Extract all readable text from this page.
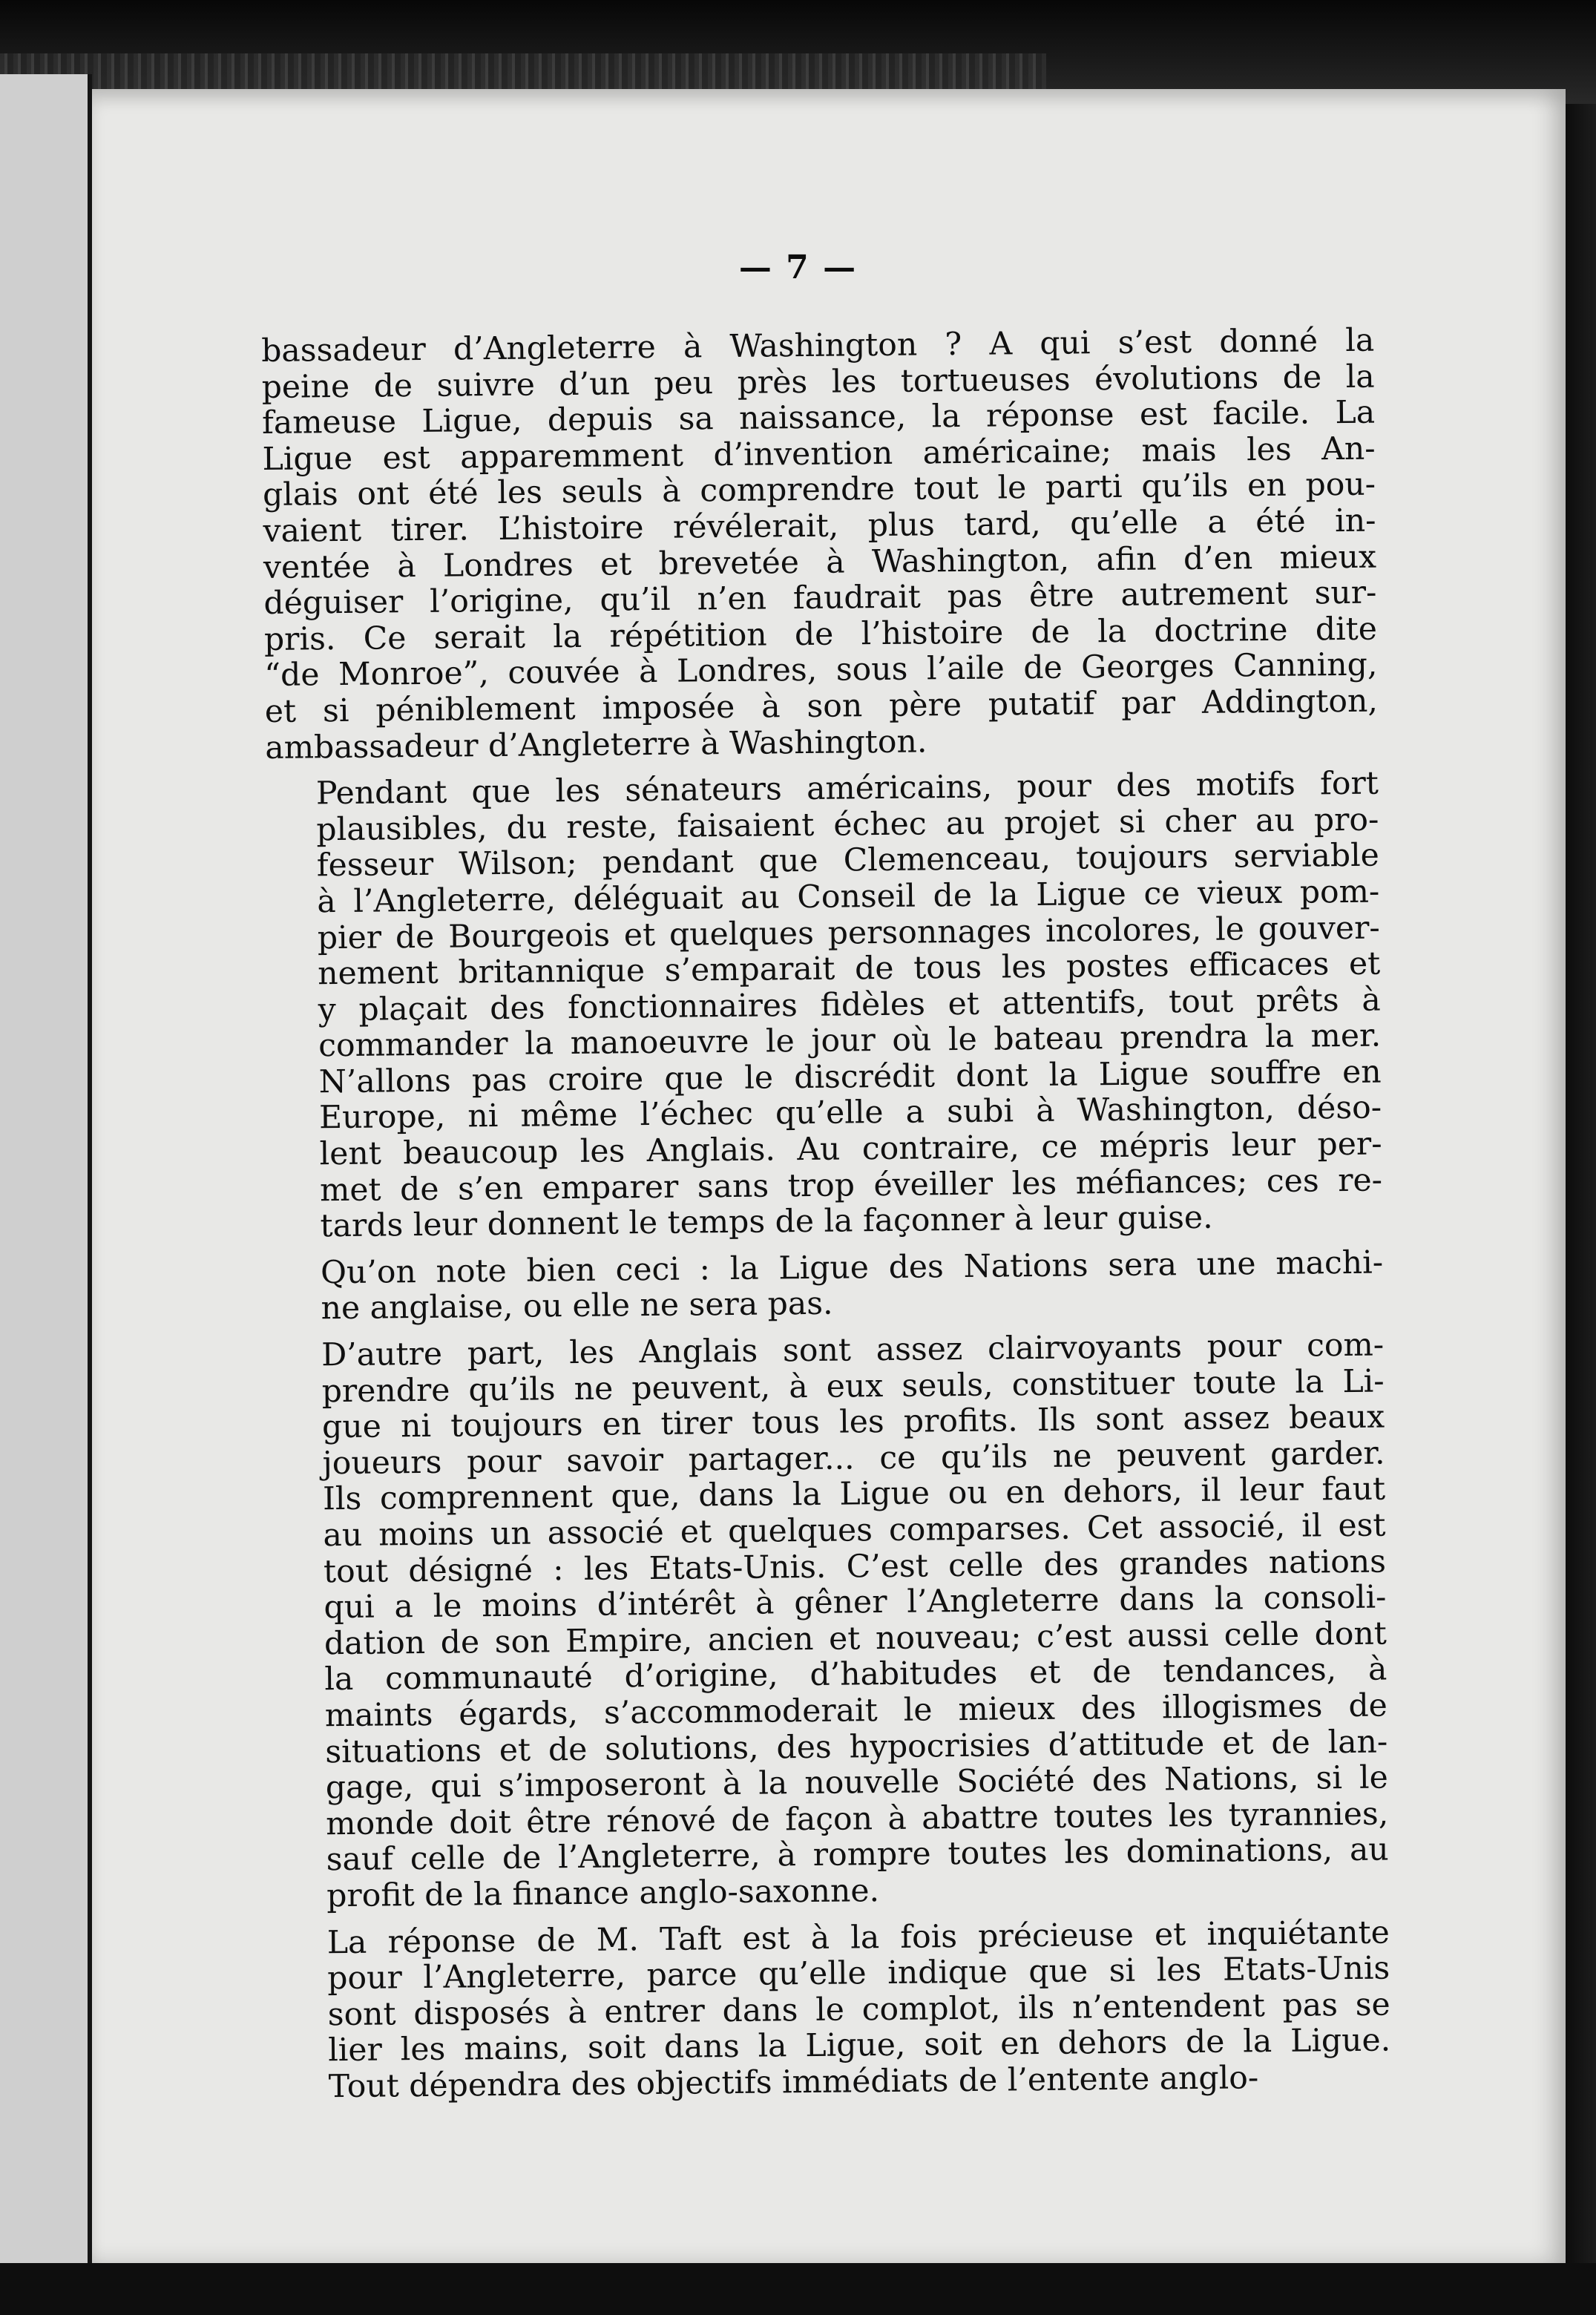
— 7 —
bassadeur d’Angleterre à Washington ? A qui s’est donné la
peine de suivre d’un peu près les tortueuses évolutions de la
fameuse Ligue, depuis sa naissance, la réponse est facile. La
Ligue est apparemment d’invention américaine; mais les An-
glais ont été les seuls à comprendre tout le parti qu’ils en pou-
vaient tirer. L’histoire révélerait, plus tard, qu’elle a été in-
ventée à Londres et brevetée à Washington, afin d’en mieux
déguiser l’origine, qu’il n’en faudrait pas être autrement sur-
pris. Ce serait la répétition de l’histoire de la doctrine dite
“de Monroe”, couvée à Londres, sous l’aile de Georges Canning,
et si péniblement imposée à son père putatif par Addington,
ambassadeur d’Angleterre à Washington.
Pendant que les sénateurs américains, pour des motifs fort
plausibles, du reste, faisaient échec au projet si cher au pro-
fesseur Wilson; pendant que Clemenceau, toujours serviable
à l’Angleterre, déléguait au Conseil de la Ligue ce vieux pom-
pier de Bourgeois et quelques personnages incolores, le gouver-
nement britannique s’emparait de tous les postes efficaces et
y plaçait des fonctionnaires fidèles et attentifs, tout prêts à
commander la manoeuvre le jour où le bateau prendra la mer.
N’allons pas croire que le discrédit dont la Ligue souffre en
Europe, ni même l’échec qu’elle a subi à Washington, déso-
lent beaucoup les Anglais. Au contraire, ce mépris leur per-
met de s’en emparer sans trop éveiller les méfiances; ces re-
tards leur donnent le temps de la façonner à leur guise.
Qu’on note bien ceci : la Ligue des Nations sera une machi-
ne anglaise, ou elle ne sera pas.
D’autre part, les Anglais sont assez clairvoyants pour com-
prendre qu’ils ne peuvent, à eux seuls, constituer toute la Li-
gue ni toujours en tirer tous les profits. Ils sont assez beaux
joueurs pour savoir partager... ce qu’ils ne peuvent garder.
Ils comprennent que, dans la Ligue ou en dehors, il leur faut
au moins un associé et quelques comparses. Cet associé, il est
tout désigné : les Etats-Unis. C’est celle des grandes nations
qui a le moins d’intérêt à gêner l’Angleterre dans la consoli-
dation de son Empire, ancien et nouveau; c’est aussi celle dont
la communauté d’origine, d’habitudes et de tendances, à
maints égards, s’accommoderait le mieux des illogismes de
situations et de solutions, des hypocrisies d’attitude et de lan-
gage, qui s’imposeront à la nouvelle Société des Nations, si le
monde doit être rénové de façon à abattre toutes les tyrannies,
sauf celle de l’Angleterre, à rompre toutes les dominations, au
profit de la finance anglo-saxonne.
La réponse de M. Taft est à la fois précieuse et inquiétante
pour l’Angleterre, parce qu’elle indique que si les Etats-Unis
sont disposés à entrer dans le complot, ils n’entendent pas se
lier les mains, soit dans la Ligue, soit en dehors de la Ligue.
Tout dépendra des objectifs immédiats de l’entente anglo-
